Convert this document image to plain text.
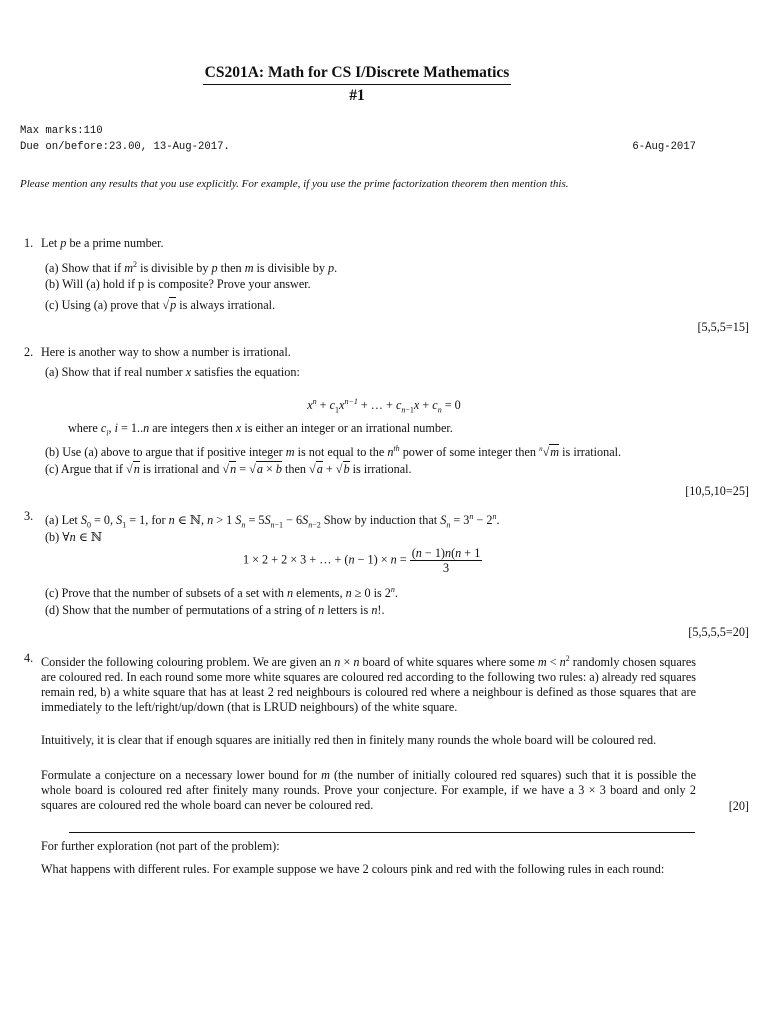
CS201A: Math for CS I/Discrete Mathematics
#1
Max marks:110
Due on/before:23.00, 13-Aug-2017.	6-Aug-2017
Please mention any results that you use explicitly. For example, if you use the prime factorization theorem then mention this.
1. Let p be a prime number.
(a) Show that if $m^2$ is divisible by p then m is divisible by p.
(b) Will (a) hold if p is composite? Prove your answer.
(c) Using (a) prove that √p is always irrational.
[5,5,5=15]
2. Here is another way to show a number is irrational.
(a) Show that if real number x satisfies the equation:
$x^n + c_1x^{n-1}$ + … + $c_{n-1}x + c_n = 0$
where $c_i$, i = 1..n are integers then x is either an integer or an irrational number.
(b) Use (a) above to argue that if positive integer m is not equal to the $n^{th}$ power of some integer then $^n$√m is irrational.
(c) Argue that if √n is irrational and √n = √a × b then √a + √b is irrational.
[10,5,10=25]
3. (a) Let $S_0 = 0$, $S_1 = 1$, for n ∈ ℕ, n > 1 $S_n = 5S_{n-1} - 6S_{n-2}$ Show by induction that $S_n = 3^n - 2^n$.
(b) ∀n ∈ ℕ
1 × 2 + 2 × 3 + … + $(n - 1) \times n = \frac{(n - 1)n(n + 1}{3}$
(c) Prove that the number of subsets of a set with n elements, n ≥ 0 is 2$^n$.
(d) Show that the number of permutations of a string of n letters is n!.
[5,5,5,5=20]
4. Consider the following colouring problem. We are given an n × n board of white squares where some $m < n^2$ randomly chosen squares are coloured red. In each round some more white squares are coloured red according to the following two rules: a) already red squares remain red, b) a white square that has at least 2 red neighbours is coloured red where a neighbour is defined as those squares that are immediately to the left/right/up/down (that is LRUD neighbours) of the white square.
Intuitively, it is clear that if enough squares are initially red then in finitely many rounds the whole board will be coloured red.
Formulate a conjecture on a necessary lower bound for m (the number of initially coloured red squares) such that it is possible the whole board is coloured red after finitely many rounds. Prove your conjecture. For example, if we have a 3 × 3 board and only 2 squares are coloured red the whole board can never be coloured red.	[20]
For further exploration (not part of the problem):
What happens with different rules. For example suppose we have 2 colours pink and red with the following rules in each round:
